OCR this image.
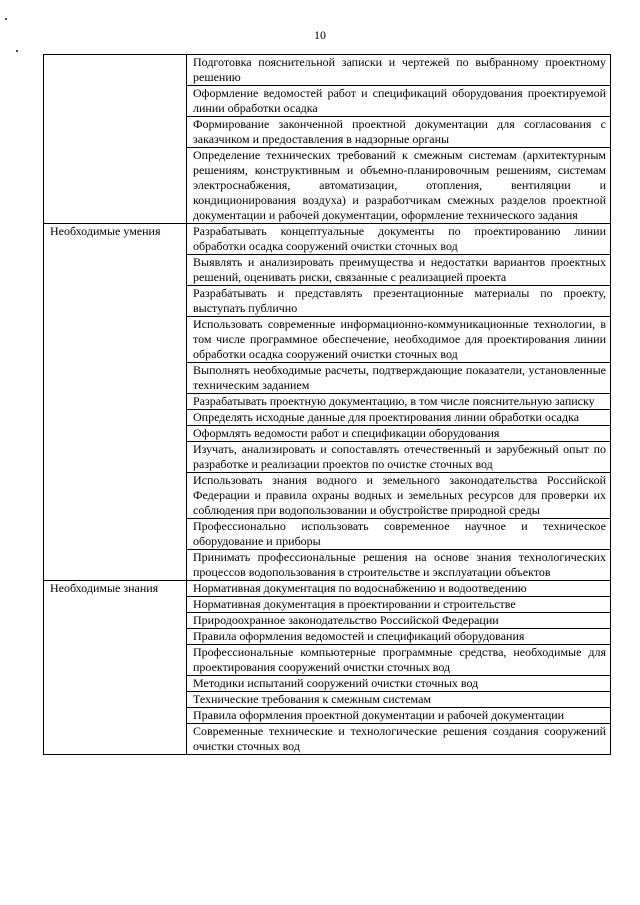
10
	Подготовка пояснительной записки и чертежей по выбранному проектному решению
	Оформление ведомостей работ и спецификаций оборудования проектируемой линии обработки осадка
	Формирование законченной проектной документации для согласования с заказчиком и предоставления в надзорные органы
	Определение технических требований к смежным системам (архитектурным решениям, конструктивным и объемно-планировочным решениям, системам электроснабжения, автоматизации, отопления, вентиляции и кондиционирования воздуха) и разработчикам смежных разделов проектной документации и рабочей документации, оформление технического задания
Необходимые умения	Разрабатывать концептуальные документы по проектированию линии обработки осадка сооружений очистки сточных вод
	Выявлять и анализировать преимущества и недостатки вариантов проектных решений, оценивать риски, связанные с реализацией проекта
	Разрабатывать и представлять презентационные материалы по проекту, выступать публично
	Использовать современные информационно-коммуникационные технологии, в том числе программное обеспечение, необходимое для проектирования линии обработки осадка сооружений очистки сточных вод
	Выполнять необходимые расчеты, подтверждающие показатели, установленные техническим заданием
	Разрабатывать проектную документацию, в том числе пояснительную записку
	Определять исходные данные для проектирования линии обработки осадка
	Оформлять ведомости работ и спецификации оборудования
	Изучать, анализировать и сопоставлять отечественный и зарубежный опыт по разработке и реализации проектов по очистке сточных вод
	Использовать знания водного и земельного законодательства Российской Федерации и правила охраны водных и земельных ресурсов для проверки их соблюдения при водопользовании и обустройстве природной среды
	Профессионально использовать современное научное и техническое оборудование и приборы
	Принимать профессиональные решения на основе знания технологических процессов водопользования в строительстве и эксплуатации объектов
Необходимые знания	Нормативная документация по водоснабжению и водоотведению
	Нормативная документация в проектировании и строительстве
	Природоохранное законодательство Российской Федерации
	Правила оформления ведомостей и спецификаций оборудования
	Профессиональные компьютерные программные средства, необходимые для проектирования сооружений очистки сточных вод
	Методики испытаний сооружений очистки сточных вод
	Технические требования к смежным системам
	Правила оформления проектной документации и рабочей документации
	Современные технические и технологические решения создания сооружений очистки сточных вод
